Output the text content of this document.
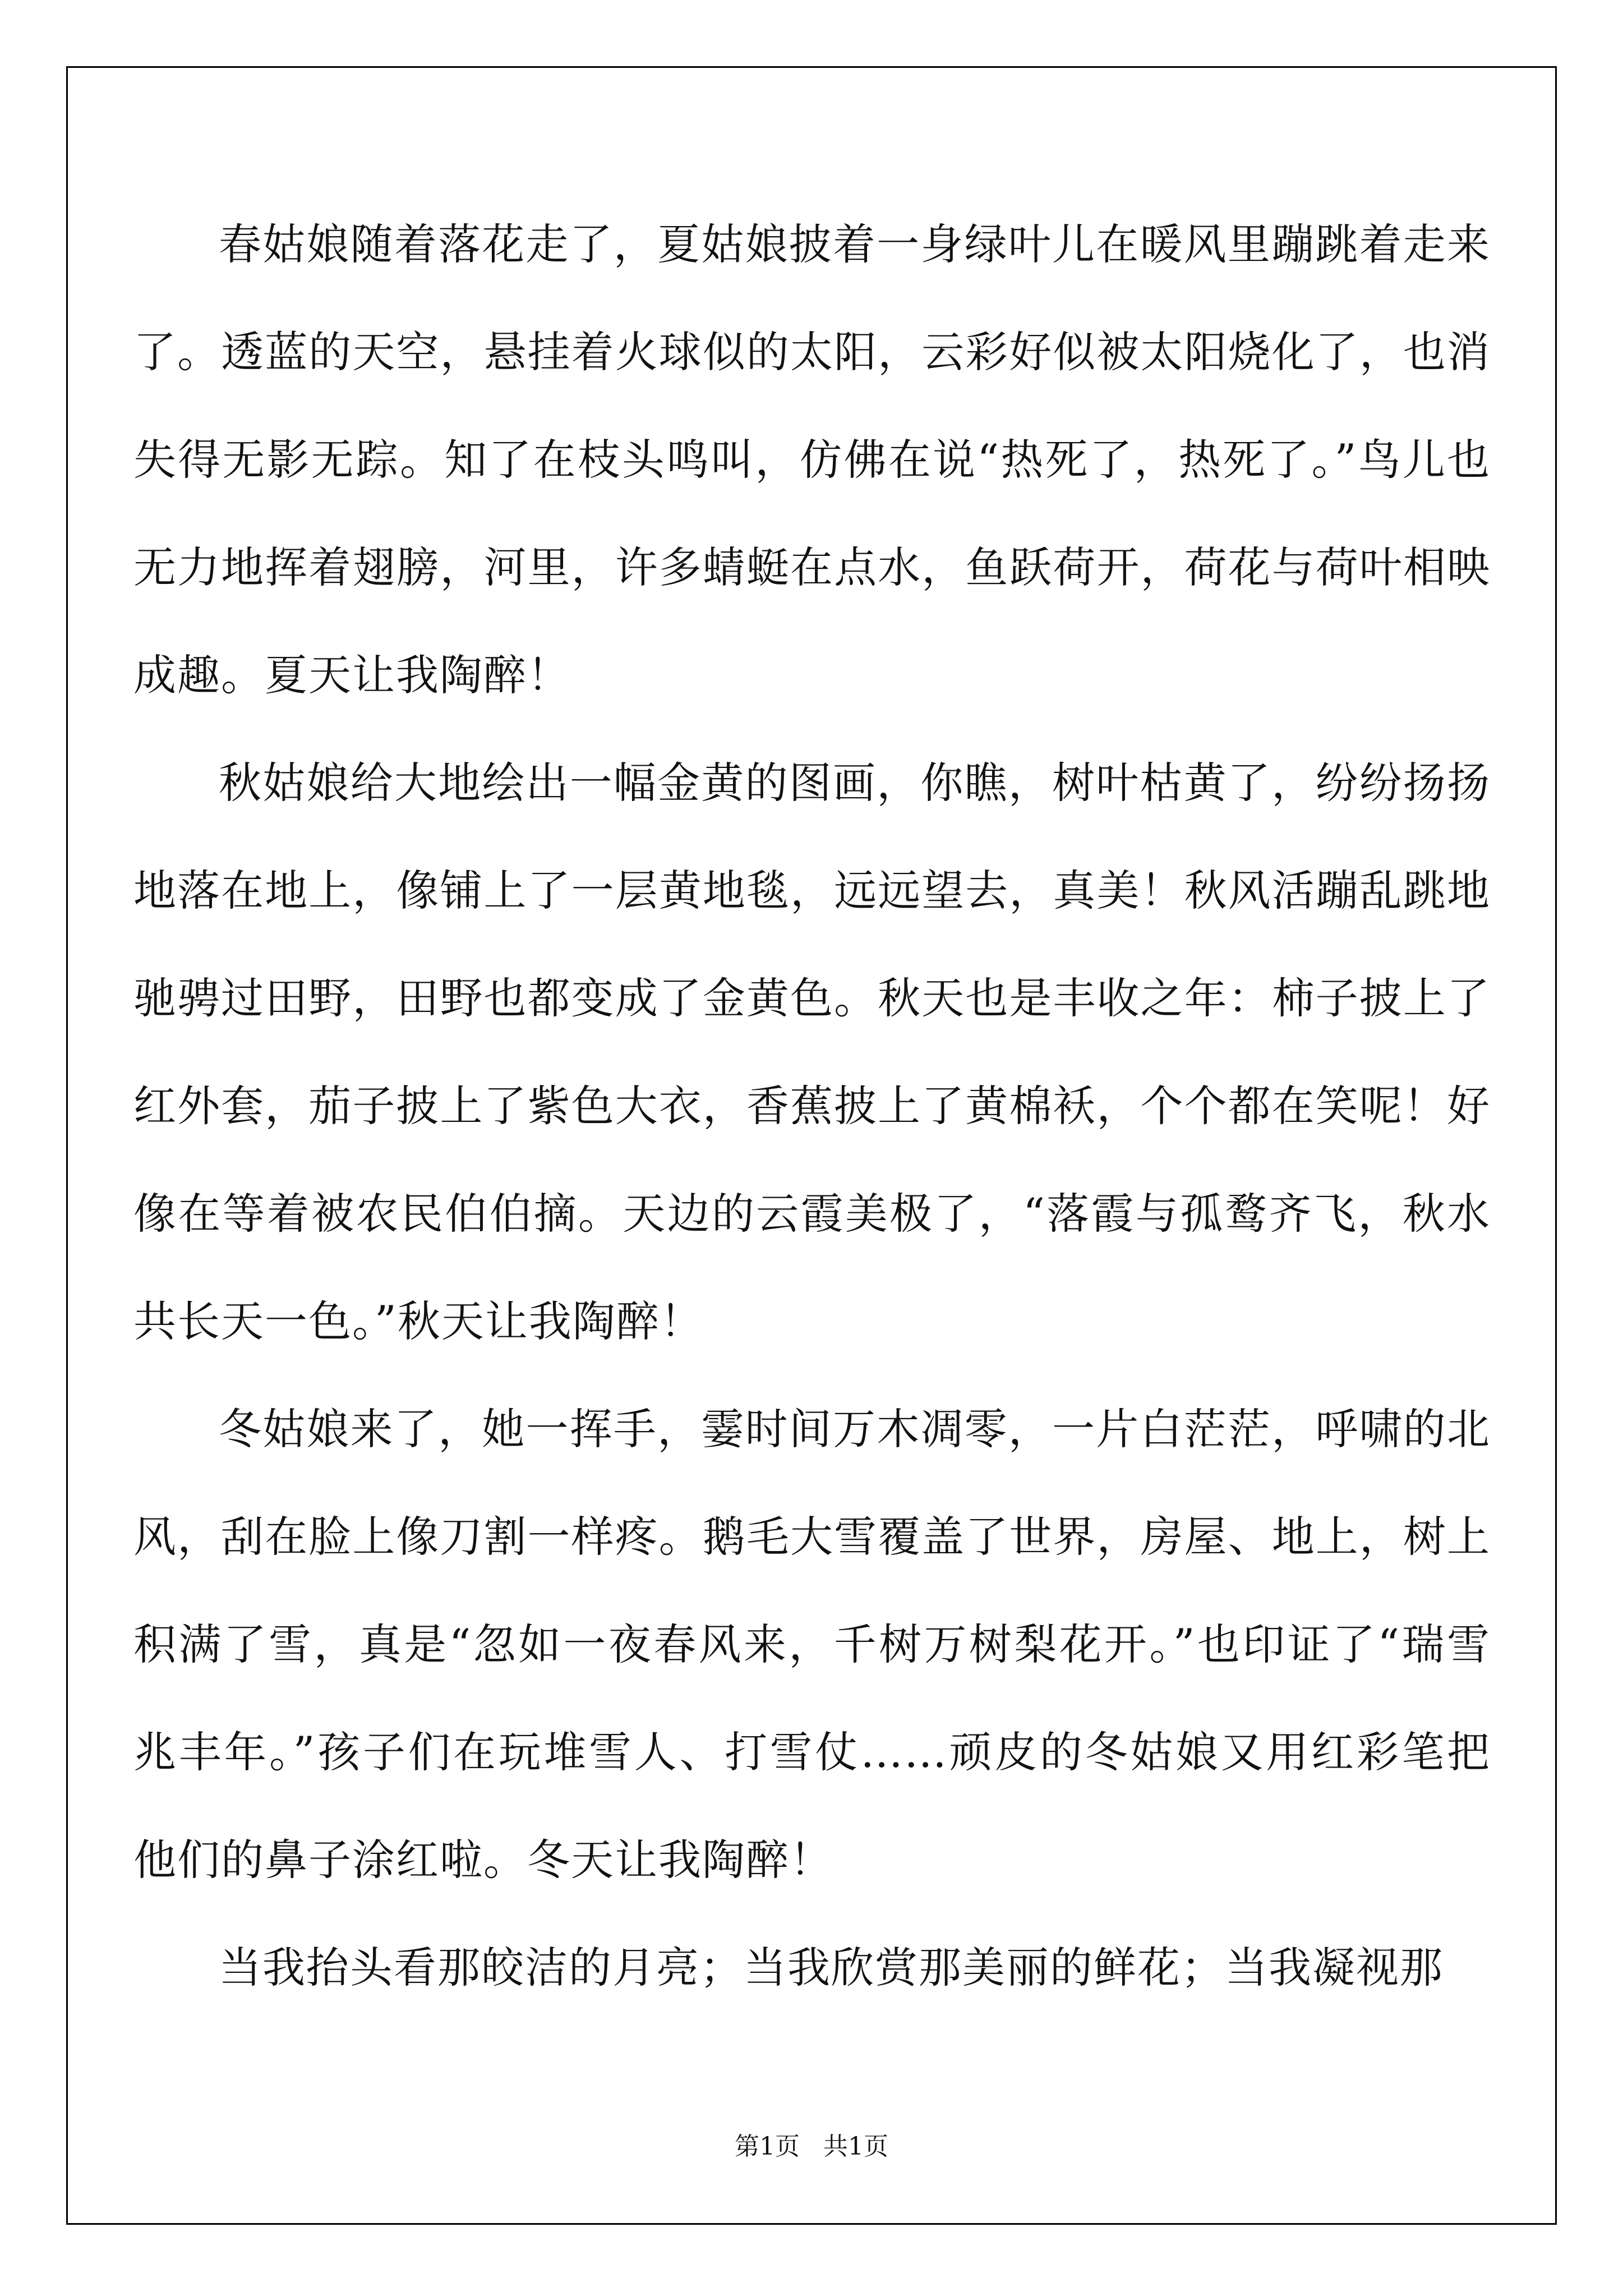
春姑娘随着落花走了，夏姑娘披着一身绿叶儿在暖风里蹦跳着走来了。透蓝的天空，悬挂着火球似的太阳，云彩好似被太阳烧化了，也消失得无影无踪。知了在枝头鸣叫，仿佛在说“热死了，热死了。”鸟儿也无力地挥着翅膀，河里，许多蜻蜓在点水，鱼跃荷开，荷花与荷叶相映成趣。夏天让我陶醉！

秋姑娘给大地绘出一幅金黄的图画，你瞧，树叶枯黄了，纷纷扬扬地落在地上，像铺上了一层黄地毯，远远望去，真美！秋风活蹦乱跳地驰骋过田野，田野也都变成了金黄色。秋天也是丰收之年：柿子披上了红外套，茄子披上了紫色大衣，香蕉披上了黄棉袄，个个都在笑呢！好像在等着被农民伯伯摘。天边的云霞美极了，“落霞与孤鹜齐飞，秋水共长天一色。”秋天让我陶醉！

冬姑娘来了，她一挥手，霎时间万木凋零，一片白茫茫，呼啸的北风，刮在脸上像刀割一样疼。鹅毛大雪覆盖了世界，房屋、地上，树上积满了雪，真是“忽如一夜春风来，千树万树梨花开。”也印证了“瑞雪兆丰年。”孩子们在玩堆雪人、打雪仗……顽皮的冬姑娘又用红彩笔把他们的鼻子涂红啦。冬天让我陶醉！

当我抬头看那皎洁的月亮；当我欣赏那美丽的鲜花；当我凝视那

第1页   共1页
